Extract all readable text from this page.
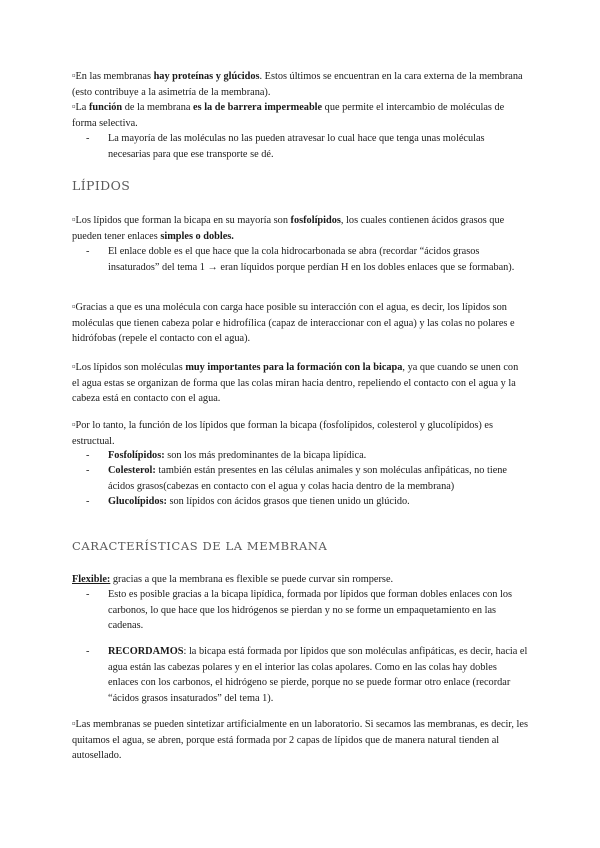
¤En las membranas hay proteínas y glúcidos. Estos últimos se encuentran en la cara externa de la membrana (esto contribuye a la asimetría de la membrana).

¤La función de la membrana es la de barrera impermeable que permite el intercambio de moléculas de forma selectiva.

-	La mayoría de las moléculas no las pueden atravesar lo cual hace que tenga unas moléculas necesarias para que ese transporte se dé.
LÍPIDOS

¤Los lípidos que forman la bicapa en su mayoría son fosfolípidos, los cuales contienen ácidos grasos que pueden tener enlaces simples o dobles.

-	El enlace doble es el que hace que la cola hidrocarbonada se abra (recordar “ácidos grasos insaturados” del tema 1 → eran líquidos porque perdían H en los dobles enlaces que se formaban).

¤Gracias a que es una molécula con carga hace posible su interacción con el agua, es decir, los lípidos son moléculas que tienen cabeza polar e hidrofílica (capaz de interaccionar con el agua) y las colas no polares e hidrófobas (repele el contacto con el agua).

¤Los lípidos son moléculas muy importantes para la formación con la bicapa, ya que cuando se unen con el agua estas se organizan de forma que las colas miran hacia dentro, repeliendo el contacto con el agua y la cabeza está en contacto con el agua.

¤Por lo tanto, la función de los lípidos que forman la bicapa (fosfolípidos, colesterol y glucolípidos) es estructual.

-	Fosfolípidos: son los más predominantes de la bicapa lipídica.
-	Colesterol: también están presentes en las células animales y son moléculas anfipáticas, no tiene ácidos grasos(cabezas en contacto con el agua y colas hacia dentro de la membrana)
-	Glucolípidos: son lípidos con ácidos grasos que tienen unido un glúcido.
CARACTERÍSTICAS DE LA MEMBRANA

Flexible: gracias a que la membrana es flexible se puede curvar sin romperse.

-	Esto es posible gracias a la bicapa lipídica, formada por lípidos que forman dobles enlaces con los carbonos, lo que hace que los hidrógenos se pierdan y no se forme un empaquetamiento en las cadenas.
-	RECORDAMOS: la bicapa está formada por lípidos que son moléculas anfipáticas, es decir, hacia el agua están las cabezas polares y en el interior las colas apolares. Como en las colas hay dobles enlaces con los carbonos, el hidrógeno se pierde, porque no se puede formar otro enlace (recordar “ácidos grasos insaturados” del tema 1).

¤Las membranas se pueden sintetizar artificialmente en un laboratorio. Si secamos las membranas, es decir, les quitamos el agua, se abren, porque está formada por 2 capas de lípidos que de manera natural tienden al autosellado.
